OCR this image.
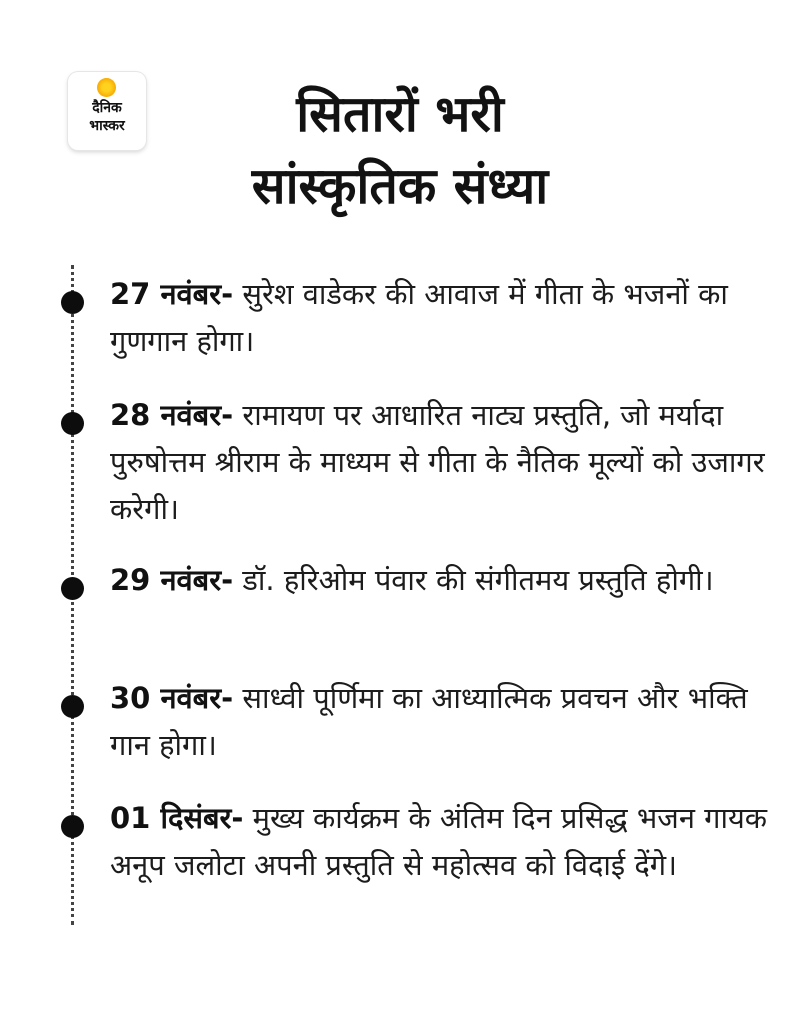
दैनिक
भास्कर	सितारों भरी
सांस्कृतिक संध्या

27 नवंबर- सुरेश वाडेकर की आवाज में गीता के भजनों का गुणगान होगा।

28 नवंबर- रामायण पर आधारित नाट्य प्रस्तुति, जो मर्यादा पुरुषोत्तम श्रीराम के माध्यम से गीता के नैतिक मूल्यों को उजागर करेगी।

29 नवंबर- डॉ. हरिओम पंवार की संगीतमय प्रस्तुति होगी।

30 नवंबर- साध्वी पूर्णिमा का आध्यात्मिक प्रवचन और भक्ति गान होगा।

01 दिसंबर- मुख्य कार्यक्रम के अंतिम दिन प्रसिद्ध भजन गायक अनूप जलोटा अपनी प्रस्तुति से महोत्सव को विदाई देंगे।
